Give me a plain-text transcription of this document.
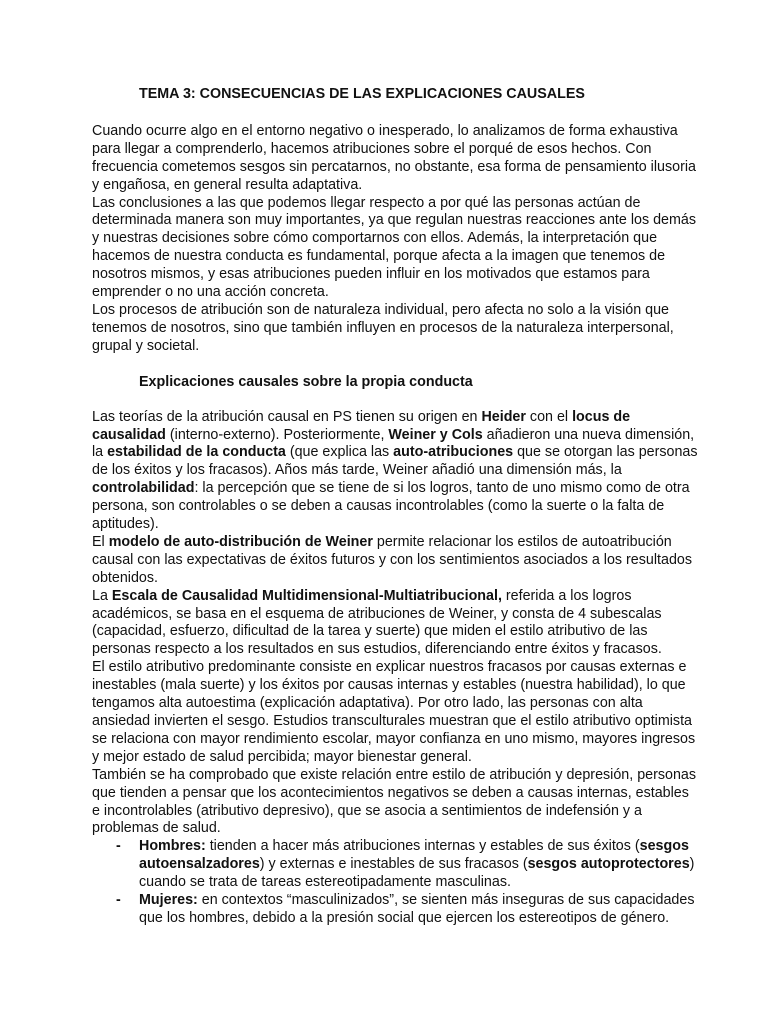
TEMA 3: CONSECUENCIAS DE LAS EXPLICACIONES CAUSALES

Cuando ocurre algo en el entorno negativo o inesperado, lo analizamos de forma exhaustiva para llegar a comprenderlo, hacemos atribuciones sobre el porqué de esos hechos. Con frecuencia cometemos sesgos sin percatarnos, no obstante, esa forma de pensamiento ilusoria y engañosa, en general resulta adaptativa.

Las conclusiones a las que podemos llegar respecto a por qué las personas actúan de determinada manera son muy importantes, ya que regulan nuestras reacciones ante los demás y nuestras decisiones sobre cómo comportarnos con ellos. Además, la interpretación que hacemos de nuestra conducta es fundamental, porque afecta a la imagen que tenemos de nosotros mismos, y esas atribuciones pueden influir en los motivados que estamos para emprender o no una acción concreta.

Los procesos de atribución son de naturaleza individual, pero afecta no solo a la visión que tenemos de nosotros, sino que también influyen en procesos de la naturaleza interpersonal, grupal y societal.

Explicaciones causales sobre la propia conducta

Las teorías de la atribución causal en PS tienen su origen en Heider con el locus de causalidad (interno-externo). Posteriormente, Weiner y Cols añadieron una nueva dimensión, la estabilidad de la conducta (que explica las auto-atribuciones que se otorgan las personas de los éxitos y los fracasos). Años más tarde, Weiner añadió una dimensión más, la controlabilidad: la percepción que se tiene de si los logros, tanto de uno mismo como de otra persona, son controlables o se deben a causas incontrolables (como la suerte o la falta de aptitudes).

El modelo de auto-distribución de Weiner permite relacionar los estilos de autoatribución causal con las expectativas de éxitos futuros y con los sentimientos asociados a los resultados obtenidos.

La Escala de Causalidad Multidimensional-Multiatribucional, referida a los logros académicos, se basa en el esquema de atribuciones de Weiner, y consta de 4 subescalas (capacidad, esfuerzo, dificultad de la tarea y suerte) que miden el estilo atributivo de las personas respecto a los resultados en sus estudios, diferenciando entre éxitos y fracasos.

El estilo atributivo predominante consiste en explicar nuestros fracasos por causas externas e inestables (mala suerte) y los éxitos por causas internas y estables (nuestra habilidad), lo que tengamos alta autoestima (explicación adaptativa). Por otro lado, las personas con alta ansiedad invierten el sesgo. Estudios transculturales muestran que el estilo atributivo optimista se relaciona con mayor rendimiento escolar, mayor confianza en uno mismo, mayores ingresos y mejor estado de salud percibida; mayor bienestar general.

También se ha comprobado que existe relación entre estilo de atribución y depresión, personas que tienden a pensar que los acontecimientos negativos se deben a causas internas, estables e incontrolables (atributivo depresivo), que se asocia a sentimientos de indefensión y a problemas de salud.

- Hombres: tienden a hacer más atribuciones internas y estables de sus éxitos (sesgos autoensalzadores) y externas e inestables de sus fracasos (sesgos autoprotectores) cuando se trata de tareas estereotipadamente masculinas.
- Mujeres: en contextos “masculinizados”, se sienten más inseguras de sus capacidades que los hombres, debido a la presión social que ejercen los estereotipos de género.
